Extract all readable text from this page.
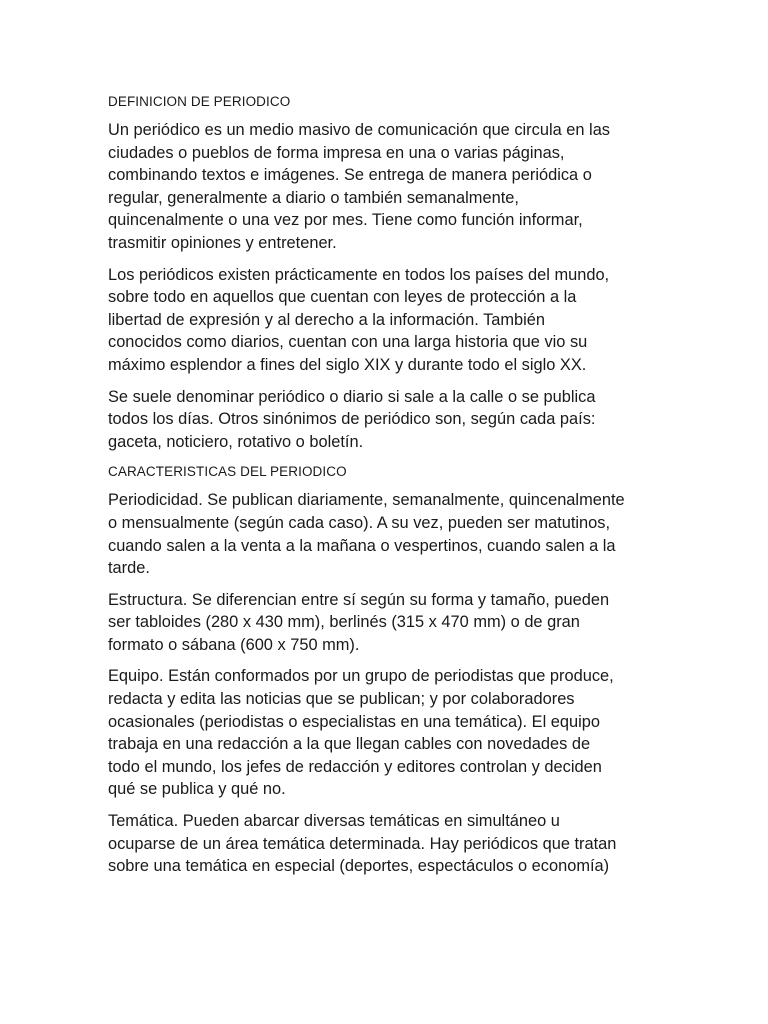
DEFINICION DE PERIODICO
Un periódico es un medio masivo de comunicación que circula en las
ciudades o pueblos de forma impresa en una o varias páginas,
combinando textos e imágenes. Se entrega de manera periódica o
regular, generalmente a diario o también semanalmente,
quincenalmente o una vez por mes. Tiene como función informar,
trasmitir opiniones y entretener.
Los periódicos existen prácticamente en todos los países del mundo,
sobre todo en aquellos que cuentan con leyes de protección a la
libertad de expresión y al derecho a la información. También
conocidos como diarios, cuentan con una larga historia que vio su
máximo esplendor a fines del siglo XIX y durante todo el siglo XX.
Se suele denominar periódico o diario si sale a la calle o se publica
todos los días. Otros sinónimos de periódico son, según cada país:
gaceta, noticiero, rotativo o boletín.
CARACTERISTICAS DEL PERIODICO
Periodicidad. Se publican diariamente, semanalmente, quincenalmente
o mensualmente (según cada caso). A su vez, pueden ser matutinos,
cuando salen a la venta a la mañana o vespertinos, cuando salen a la
tarde.
Estructura. Se diferencian entre sí según su forma y tamaño, pueden
ser tabloides (280 x 430 mm), berlinés (315 x 470 mm) o de gran
formato o sábana (600 x 750 mm).
Equipo. Están conformados por un grupo de periodistas que produce,
redacta y edita las noticias que se publican; y por colaboradores
ocasionales (periodistas o especialistas en una temática). El equipo
trabaja en una redacción a la que llegan cables con novedades de
todo el mundo, los jefes de redacción y editores controlan y deciden
qué se publica y qué no.
Temática. Pueden abarcar diversas temáticas en simultáneo u
ocuparse de un área temática determinada. Hay periódicos que tratan
sobre una temática en especial (deportes, espectáculos o economía)
